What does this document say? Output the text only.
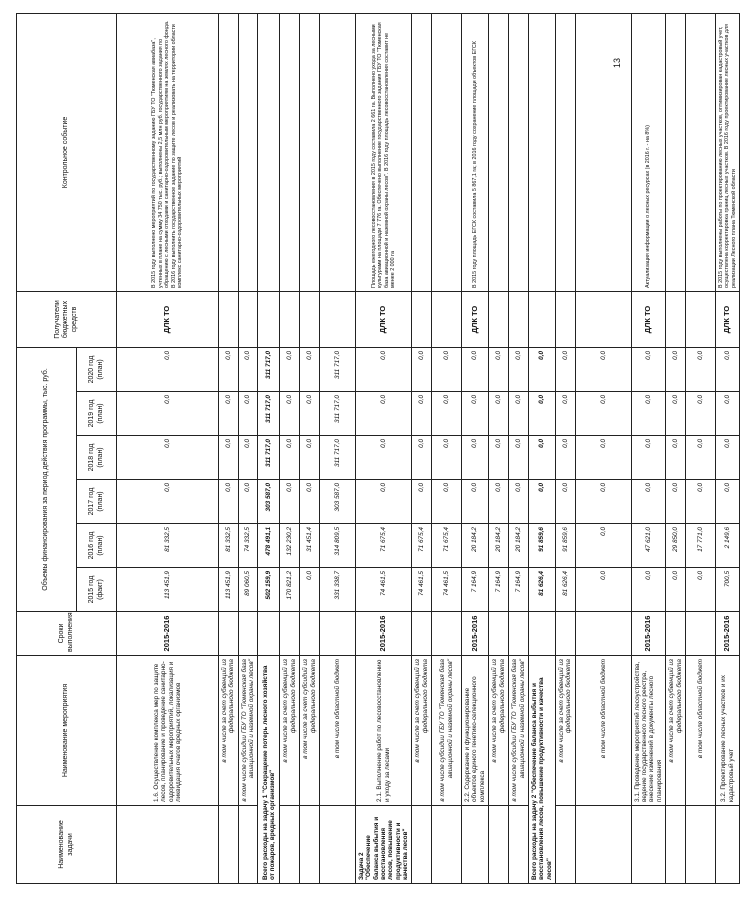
Наименование задачи	Наименование мероприятия	Сроки выполнения	Объемы финансирования за период действия программы, тыс. руб.						Получатели бюджетных средств	Контрольное событие
			2015 год (факт)	2016 год (план)	2017 год (план)	2018 год (план)	2019 год (план)	2020 год (план)		
	1.6. Осуществление комплекса мер по защите лесов, планирование и проведение санитарно-оздоровительных мероприятий, локализация и ликвидация очагов вредных организмов	2015-2016	113 451,9	81 332,5	0,0	0,0	0,0	0,0	ДЛК ТО	В 2015 году выполнено мероприятий по государственному заданию ГБУ ТО "Тюменская авиабаза", учтенных в плане на сумму 34 750 тыс. руб.; выполнены 2,5 млн руб. государственного задания по обращению с лесными отходами и санитарно-оздоровительным мероприятиям на землях лесного фонда. В 2016 году выполнить государственное задание по защите лесов и реализовать на территории области комплекс санитарно-оздоровительных мероприятий
	в том числе за счет субвенций из федерального бюджета		113 451,9	81 332,5	0,0	0,0	0,0	0,0		
	в том числе субсидии ГБУ ТО "Тюменская база авиационной и наземной охраны лесов"		89 060,5	74 332,5	0,0	0,0	0,0	0,0		
Всего расходы на задачу 1 "Сокращение потерь лесного хозяйства от пожаров, вредных организмов"			502 159,9	478 491,1	303 587,0	311 717,0	311 717,0	311 717,0		
	в том числе за счет субвенций из федерального бюджета		170 821,2	132 230,2	0,0	0,0	0,0	0,0		
	в том числе за счет субсидий из федерального бюджета		0,0	31 451,4	0,0	0,0	0,0	0,0		
	в том числе областной бюджет		331 338,7	314 809,5	303 587,0	311 717,0	311 717,0	311 717,0		
Задача 2 "Обеспечение баланса выбытия и восстановления лесов, повышение продуктивности и качества лесов"	2.1. Выполнение работ по лесовосстановлению и уходу за лесами	2015-2016	74 461,5	71 675,4	0,0	0,0	0,0	0,0	ДЛК ТО	Площадь ежегодного лесовосстановления в 2015 году составила 2 661 га. Выполнено ухода за лесными культурами на площади 7 776 га. Обеспечено выполнение государственного задания ГБУ ТО "Тюменская база авиационной и наземной охраны лесов". В 2016 году площадь лесовосстановления составит не менее 2 000 га
	в том числе за счет субвенций из федерального бюджета		74 461,5	71 675,4	0,0	0,0	0,0	0,0		
	в том числе субсидии ГБУ ТО "Тюменская база авиационной и наземной охраны лесов"		74 461,5	71 675,4	0,0	0,0	0,0	0,0		
	2.2. Содержание и функционирование объектов единого генетико-селекционного комплекса	2015-2016	7 164,9	20 184,2	0,0	0,0	0,0	0,0	ДЛК ТО	В 2015 году площадь ЕГСК составила 5 867,1 га; в 2016 году сохранение площади объектов ЕГСК
	в том числе за счет субвенций из федерального бюджета		7 164,9	20 184,2	0,0	0,0	0,0	0,0		
	в том числе субсидии ГБУ ТО "Тюменская база авиационной и наземной охраны лесов"		7 164,9	20 184,2	0,0	0,0	0,0	0,0		
Всего расходы на задачу 2 "Обеспечение баланса выбытия и восстановления лесов, повышение продуктивности и качества лесов"			81 626,4	91 859,6	0,0	0,0	0,0	0,0		
	в том числе за счет субвенций из федерального бюджета		81 626,4	91 859,6	0,0	0,0	0,0	0,0		
	в том числе областной бюджет		0,0	0,0	0,0	0,0	0,0	0,0		
	3.1. Проведение мероприятий лесоустройства, ведение государственного лесного реестра, внесение изменений в документы лесного планирования	2015-2016	0,0	47 621,0	0,0	0,0	0,0	0,0	ДЛК ТО	Актуализация информации о лесных ресурсах (в 2016 г. - на 8%)
	в том числе за счет субвенций из федерального бюджета		0,0	29 850,0	0,0	0,0	0,0	0,0		
	в том числе областной бюджет		0,0	17 771,0	0,0	0,0	0,0	0,0		
	3.2. Проектирование лесных участков и их кадастровый учет	2015-2016	700,5	2 149,6	0,0	0,0	0,0	0,0	ДЛК ТО	В 2015 году выполнены работы по проектированию лесных участков, оптимизирован кадастровый учет, осуществлена корректировка границ лесных участков. В 2016 году проектирование лесных участков для реализации Лесного плана Тюменской области
13
